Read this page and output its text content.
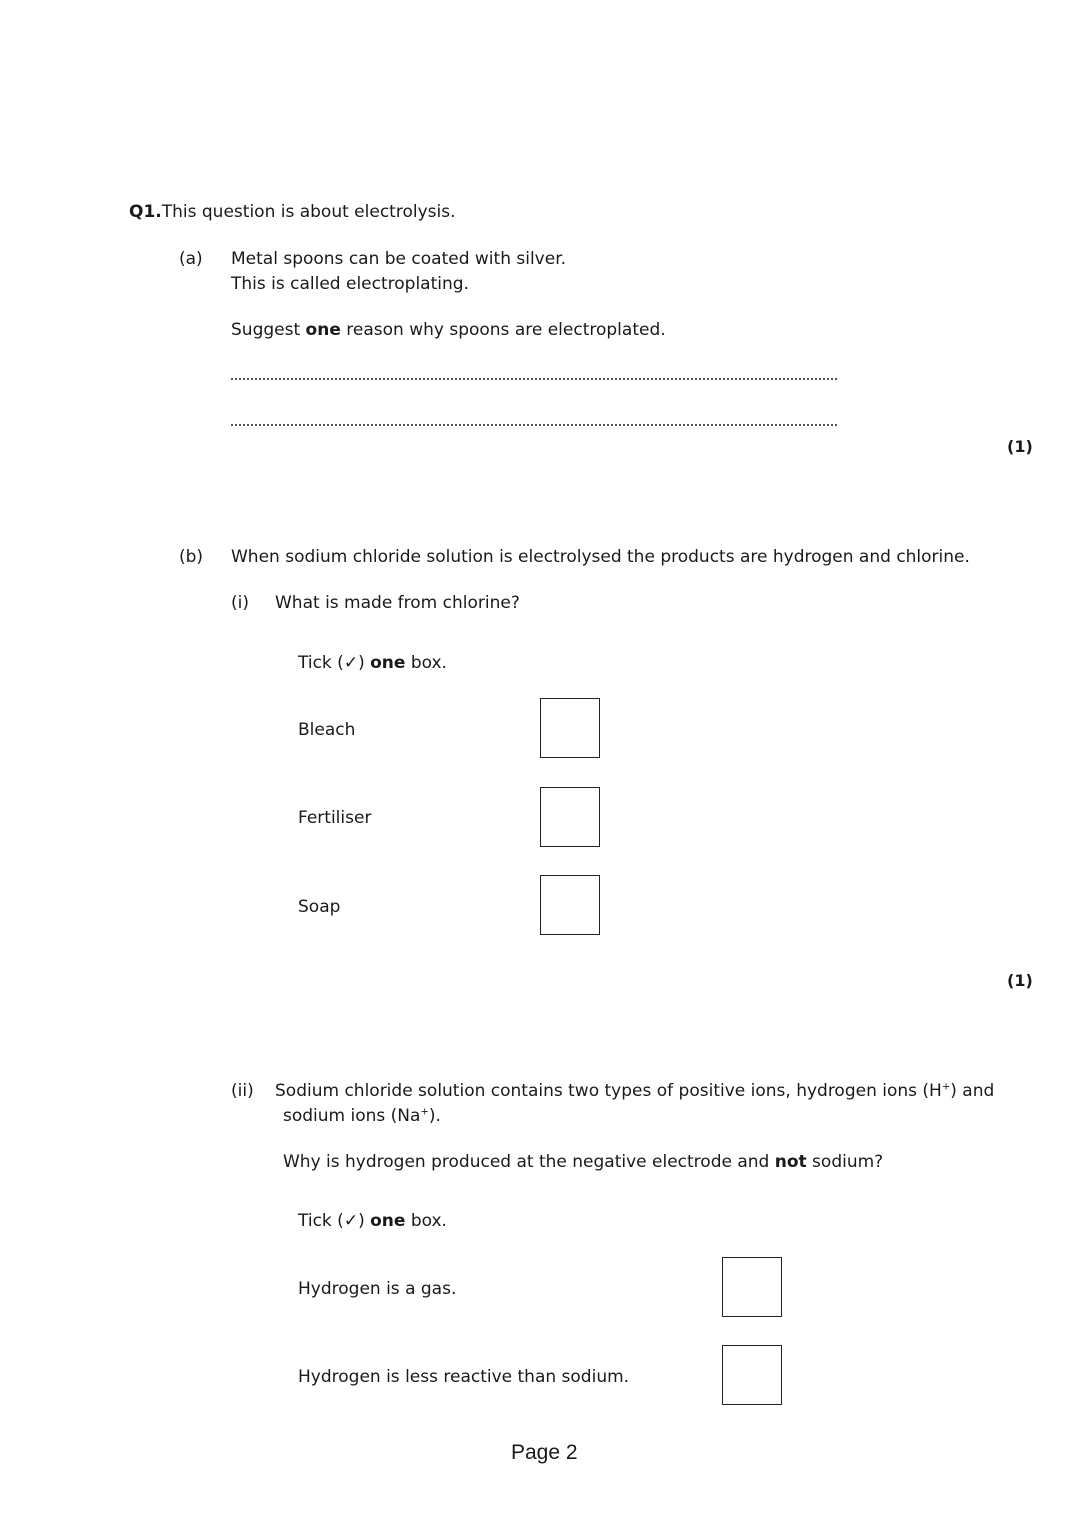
Q1.This question is about electrolysis.
(a) Metal spoons can be coated with silver.
This is called electroplating.
Suggest one reason why spoons are electroplated.
(1)
(b) When sodium chloride solution is electrolysed the products are hydrogen and chlorine.
(i) What is made from chlorine?
Tick (✓) one box.
Bleach
Fertiliser
Soap
(1)
(ii) Sodium chloride solution contains two types of positive ions, hydrogen ions (H+) and
sodium ions (Na+).
Why is hydrogen produced at the negative electrode and not sodium?
Tick (✓) one box.
Hydrogen is a gas.
Hydrogen is less reactive than sodium.
Page 2
